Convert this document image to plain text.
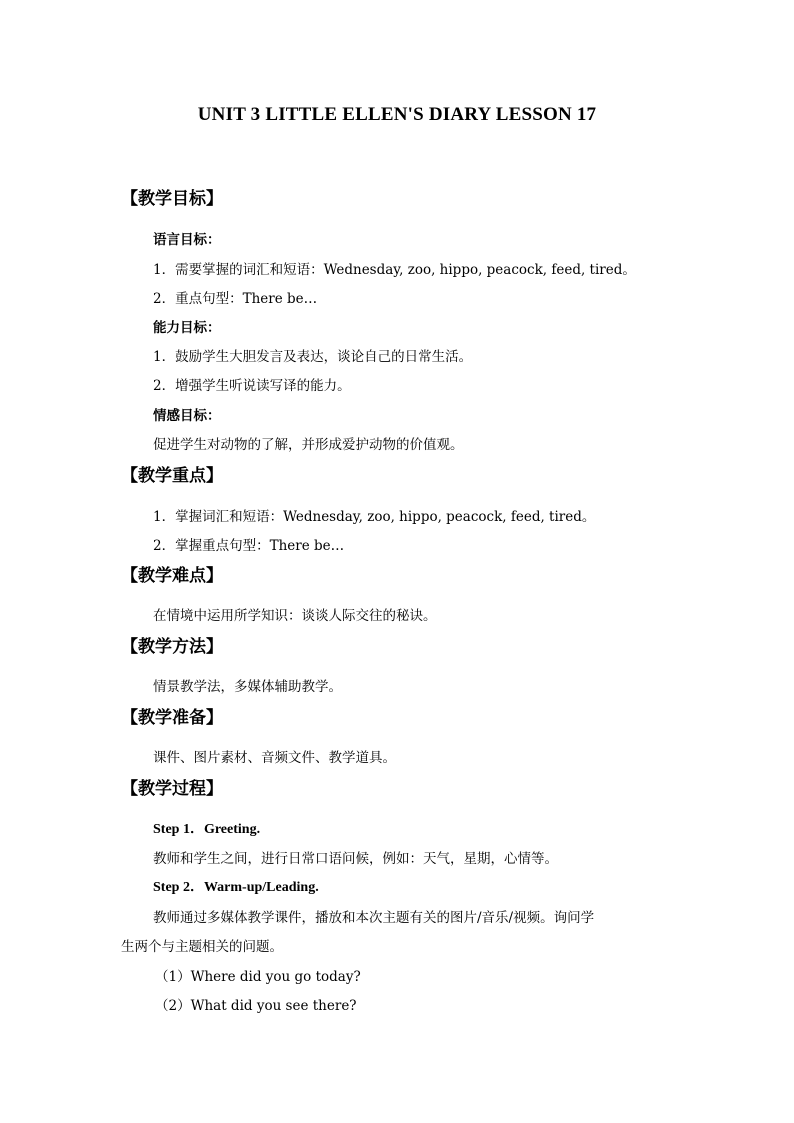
UNIT 3 LITTLE ELLEN'S DIARY LESSON 17
【教学目标】
语言目标：
1．需要掌握的词汇和短语：Wednesday, zoo, hippo, peacock, feed, tired。
2．重点句型：There be…
能力目标：
1．鼓励学生大胆发言及表达，谈论自己的日常生活。
2．增强学生听说读写译的能力。
情感目标：
促进学生对动物的了解，并形成爱护动物的价值观。
【教学重点】
1．掌握词汇和短语：Wednesday, zoo, hippo, peacock, feed, tired。
2．掌握重点句型：There be…
【教学难点】
在情境中运用所学知识：谈谈人际交往的秘诀。
【教学方法】
情景教学法，多媒体辅助教学。
【教学准备】
课件、图片素材、音频文件、教学道具。
【教学过程】
Step 1．Greeting.
教师和学生之间，进行日常口语问候，例如：天气，星期，心情等。
Step 2．Warm-up/Leading.
教师通过多媒体教学课件，播放和本次主题有关的图片/音乐/视频。询问学
生两个与主题相关的问题。
（1）Where did you go today?
（2）What did you see there?
